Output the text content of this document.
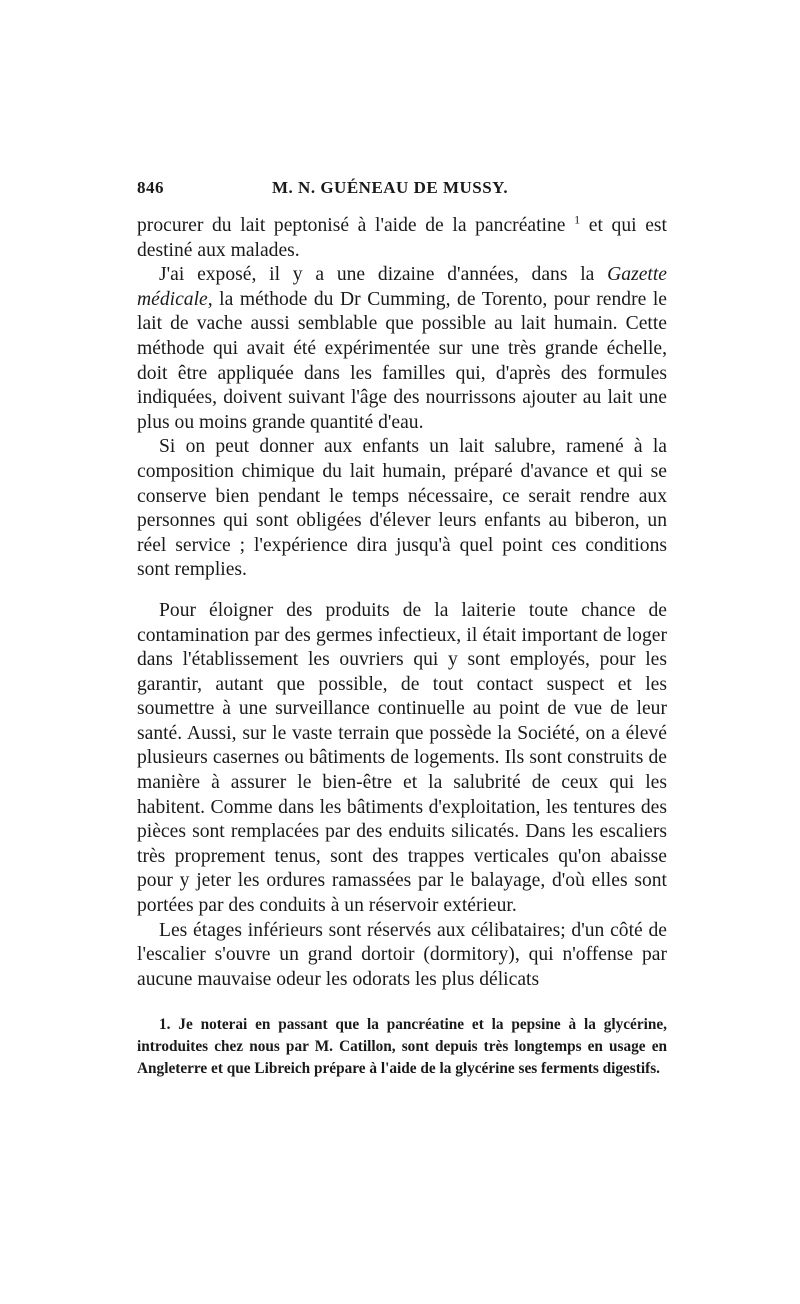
846	M. N. GUÉNEAU DE MUSSY.

procurer du lait peptonisé à l'aide de la pancréatine $^1$ et qui est destiné aux malades.

J'ai exposé, il y a une dizaine d'années, dans la Gazette médicale, la méthode du Dr Cumming, de Torento, pour rendre le lait de vache aussi semblable que possible au lait humain. Cette méthode qui avait été expérimentée sur une très grande échelle, doit être appliquée dans les familles qui, d'après des formules indiquées, doivent suivant l'âge des nourrissons ajouter au lait une plus ou moins grande quantité d'eau.

Si on peut donner aux enfants un lait salubre, ramené à la composition chimique du lait humain, préparé d'avance et qui se conserve bien pendant le temps nécessaire, ce serait rendre aux personnes qui sont obligées d'élever leurs enfants au biberon, un réel service ; l'expérience dira jusqu'à quel point ces conditions sont remplies.

Pour éloigner des produits de la laiterie toute chance de contamination par des germes infectieux, il était important de loger dans l'établissement les ouvriers qui y sont employés, pour les garantir, autant que possible, de tout contact suspect et les soumettre à une surveillance continuelle au point de vue de leur santé. Aussi, sur le vaste terrain que possède la Société, on a élevé plusieurs casernes ou bâtiments de logements. Ils sont construits de manière à assurer le bien-être et la salubrité de ceux qui les habitent. Comme dans les bâtiments d'exploitation, les tentures des pièces sont remplacées par des enduits silicatés. Dans les escaliers très proprement tenus, sont des trappes verticales qu'on abaisse pour y jeter les ordures ramassées par le balayage, d'où elles sont portées par des conduits à un réservoir extérieur.

Les étages inférieurs sont réservés aux célibataires; d'un côté de l'escalier s'ouvre un grand dortoir (dormitory), qui n'offense par aucune mauvaise odeur les odorats les plus délicats

1. Je noterai en passant que la pancréatine et la pepsine à la glycérine, introduites chez nous par M. Catillon, sont depuis très longtemps en usage en Angleterre et que Libreich prépare à l'aide de la glycérine ses ferments digestifs.
